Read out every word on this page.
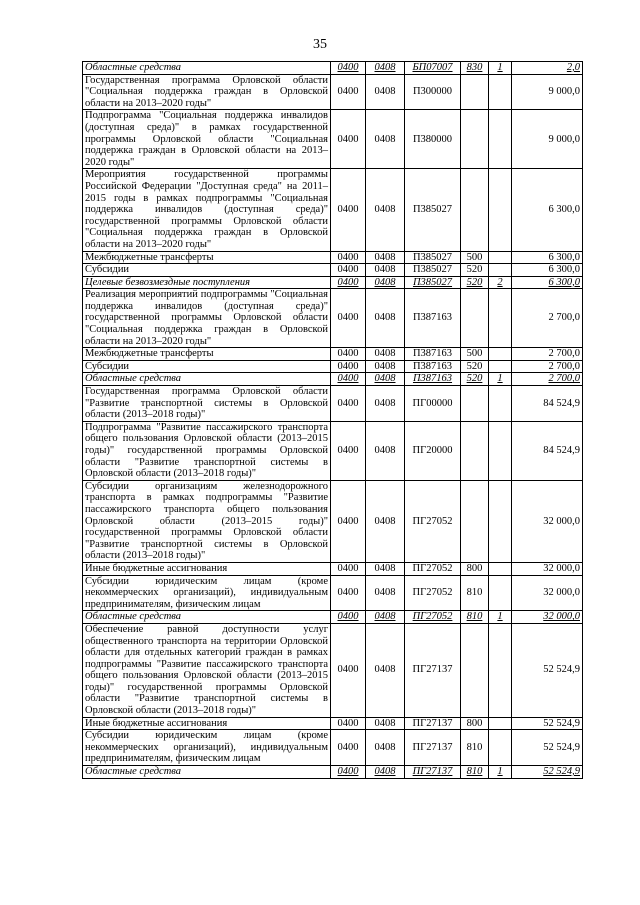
35
Областные средства	0400	0408	БП07007	830	1	2,0
Государственная программа Орловской области "Социальная поддержка граждан в Орловской области на 2013–2020 годы"	0400	0408	П300000			9 000,0
Подпрограмма "Социальная поддержка инвалидов (доступная среда)" в рамках государственной программы Орловской области "Социальная поддержка граждан в Орловской области на 2013–2020 годы"	0400	0408	П380000			9 000,0
Мероприятия государственной программы Российской Федерации "Доступная среда" на 2011–2015 годы в рамках подпрограммы "Социальная поддержка инвалидов (доступная среда)" государственной программы Орловской области "Социальная поддержка граждан в Орловской области на 2013–2020 годы"	0400	0408	П385027			6 300,0
Межбюджетные трансферты	0400	0408	П385027	500		6 300,0
Субсидии	0400	0408	П385027	520		6 300,0
Целевые безвозмездные поступления	0400	0408	П385027	520	2	6 300,0
Реализация мероприятий подпрограммы "Социальная поддержка инвалидов (доступная среда)" государственной программы Орловской области "Социальная поддержка граждан в Орловской области на 2013–2020 годы"	0400	0408	П387163			2 700,0
Межбюджетные трансферты	0400	0408	П387163	500		2 700,0
Субсидии	0400	0408	П387163	520		2 700,0
Областные средства	0400	0408	П387163	520	1	2 700,0
Государственная программа Орловской области "Развитие транспортной системы в Орловской области (2013–2018 годы)"	0400	0408	ПГ00000			84 524,9
Подпрограмма "Развитие пассажирского транспорта общего пользования Орловской области (2013–2015 годы)" государственной программы Орловской области "Развитие транспортной системы в Орловской области (2013–2018 годы)"	0400	0408	ПГ20000			84 524,9
Субсидии организациям железнодорожного транспорта в рамках подпрограммы "Развитие пассажирского транспорта общего пользования Орловской области (2013–2015 годы)" государственной программы Орловской области "Развитие транспортной системы в Орловской области (2013–2018 годы)"	0400	0408	ПГ27052			32 000,0
Иные бюджетные ассигнования	0400	0408	ПГ27052	800		32 000,0
Субсидии юридическим лицам (кроме некоммерческих организаций), индивидуальным предпринимателям, физическим лицам	0400	0408	ПГ27052	810		32 000,0
Областные средства	0400	0408	ПГ27052	810	1	32 000,0
Обеспечение равной доступности услуг общественного транспорта на территории Орловской области для отдельных категорий граждан в рамках подпрограммы "Развитие пассажирского транспорта общего пользования Орловской области (2013–2015 годы)" государственной программы Орловской области "Развитие транспортной системы в Орловской области (2013–2018 годы)"	0400	0408	ПГ27137			52 524,9
Иные бюджетные ассигнования	0400	0408	ПГ27137	800		52 524,9
Субсидии юридическим лицам (кроме некоммерческих организаций), индивидуальным предпринимателям, физическим лицам	0400	0408	ПГ27137	810		52 524,9
Областные средства	0400	0408	ПГ27137	810	1	52 524,9
